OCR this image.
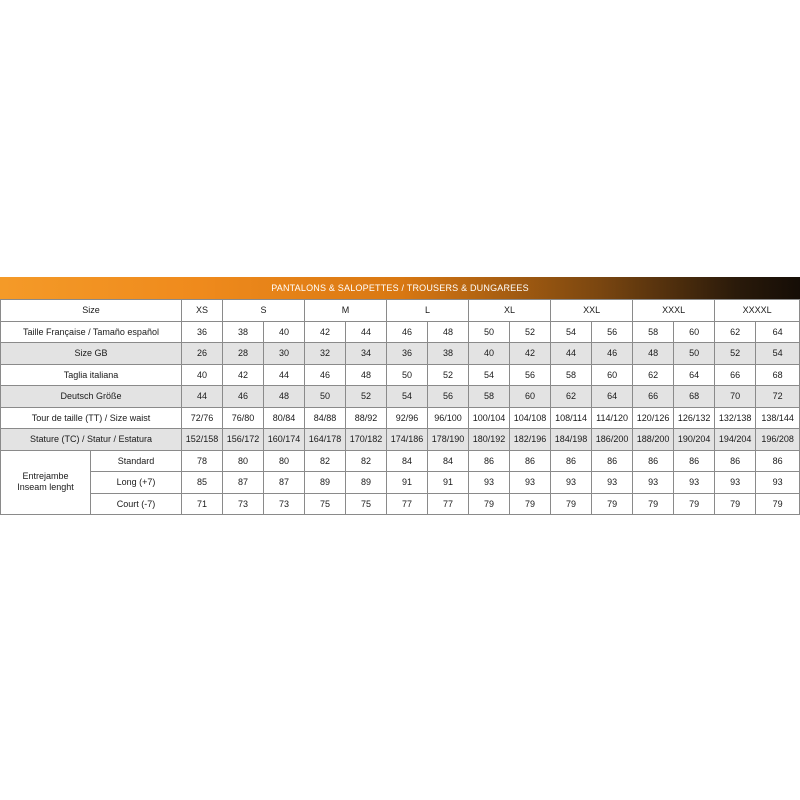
PANTALONS & SALOPETTES / TROUSERS & DUNGAREES
Size		XS	S		M		L		XL		XXL		XXXL		XXXXL	
Taille Française / Tamaño español		36	38	40	42	44	46	48	50	52	54	56	58	60	62	64
Size GB		26	28	30	32	34	36	38	40	42	44	46	48	50	52	54
Taglia italiana		40	42	44	46	48	50	52	54	56	58	60	62	64	66	68
Deutsch Größe		44	46	48	50	52	54	56	58	60	62	64	66	68	70	72
Tour de taille (TT) / Size waist		72/76	76/80	80/84	84/88	88/92	92/96	96/100	100/104	104/108	108/114	114/120	120/126	126/132	132/138	138/144
Stature (TC) / Statur / Estatura		152/158	156/172	160/174	164/178	170/182	174/186	178/190	180/192	182/196	184/198	186/200	188/200	190/204	194/204	196/208

Entrejambe
Inseam lenght	Standard	78	80	80	82	82	84	84	86	86	86	86	86	86	86	86
	Long (+7)	85	87	87	89	89	91	91	93	93	93	93	93	93	93	93
	Court (-7)	71	73	73	75	75	77	77	79	79	79	79	79	79	79	79
